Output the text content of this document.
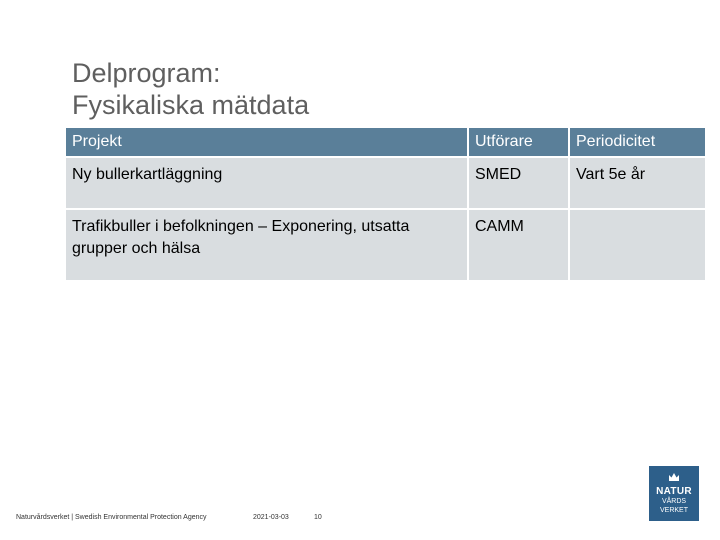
Delprogram:
Fysikaliska mätdata
Projekt	Utförare	Periodicitet
Ny bullerkartläggning	SMED	Vart 5e år
Trafikbuller i befolkningen – Exponering, utsatta grupper och hälsa	CAMM	
Naturvårdsverket | Swedish Environmental Protection Agency	2021-03-03	10
NATUR
VÅRDS
VERKET
